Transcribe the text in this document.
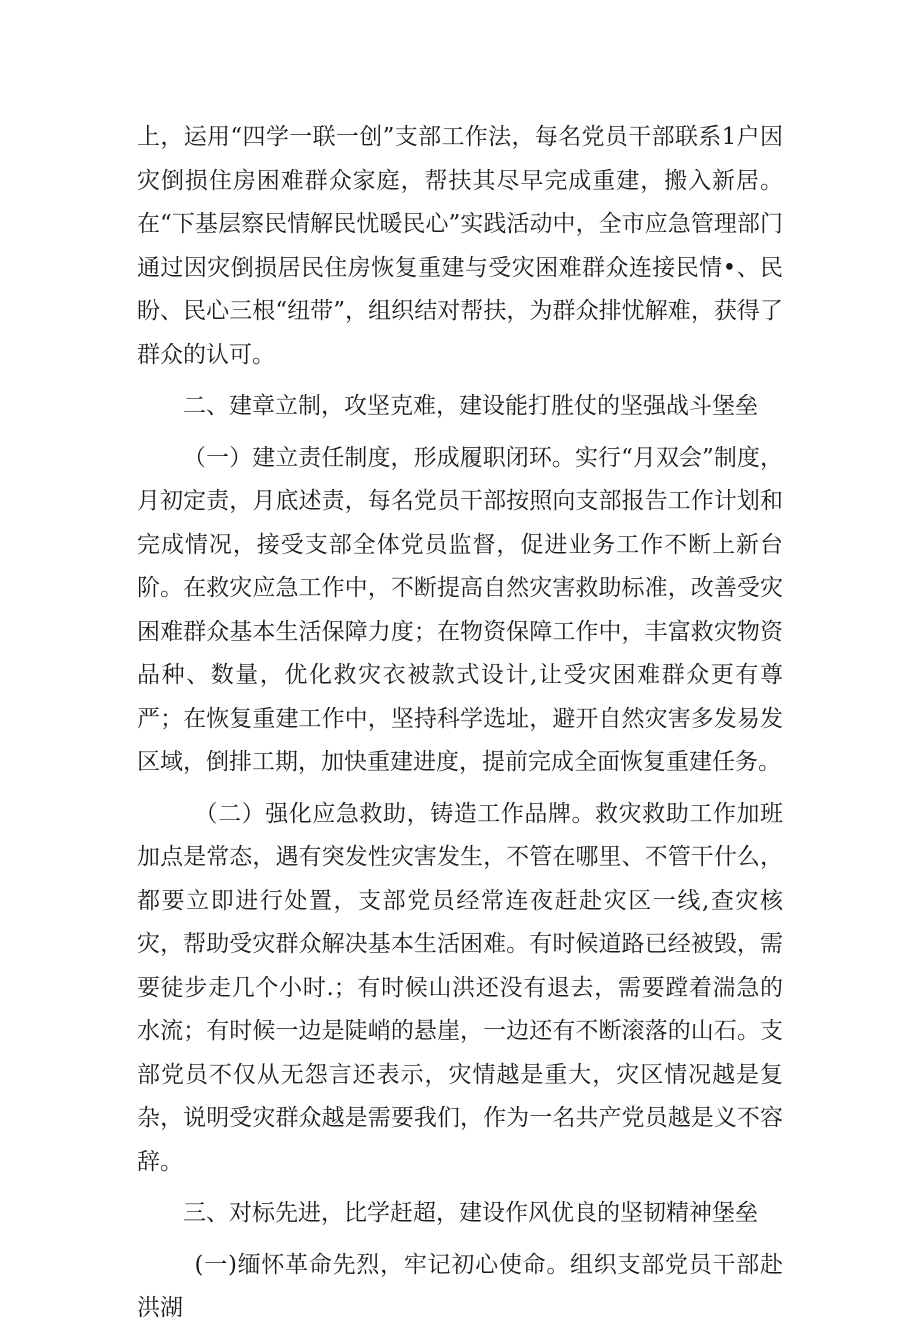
上，运用“四学一联一创”支部工作法，每名党员干部联系1户因灾倒损住房困难群众家庭，帮扶其尽早完成重建，搬入新居。在“下基层察民情解民忧暖民心”实践活动中，全市应急管理部门通过因灾倒损居民住房恢复重建与受灾困难群众连接民情•、民盼、民心三根“纽带”，组织结对帮扶，为群众排忧解难，获得了群众的认可。

二、建章立制，攻坚克难，建设能打胜仗的坚强战斗堡垒

（一）建立责任制度，形成履职闭环。实行“月双会”制度，月初定责，月底述责，每名党员干部按照向支部报告工作计划和完成情况，接受支部全体党员监督，促进业务工作不断上新台阶。在救灾应急工作中，不断提高自然灾害救助标准，改善受灾困难群众基本生活保障力度；在物资保障工作中，丰富救灾物资品种、数量，优化救灾衣被款式设计,让受灾困难群众更有尊严；在恢复重建工作中，坚持科学选址，避开自然灾害多发易发区域，倒排工期，加快重建进度，提前完成全面恢复重建任务。

（二）强化应急救助，铸造工作品牌。救灾救助工作加班加点是常态，遇有突发性灾害发生，不管在哪里、不管干什么，都要立即进行处置，支部党员经常连夜赶赴灾区一线,查灾核灾，帮助受灾群众解决基本生活困难。有时候道路已经被毁，需要徒步走几个小时.；有时候山洪还没有退去，需要蹚着湍急的水流；有时候一边是陡峭的悬崖，一边还有不断滚落的山石。支部党员不仅从无怨言还表示，灾情越是重大，灾区情况越是复杂，说明受灾群众越是需要我们，作为一名共产党员越是义不容辞。

三、对标先进，比学赶超，建设作风优良的坚韧精神堡垒

(一)缅怀革命先烈，牢记初心使命。组织支部党员干部赴洪湖
